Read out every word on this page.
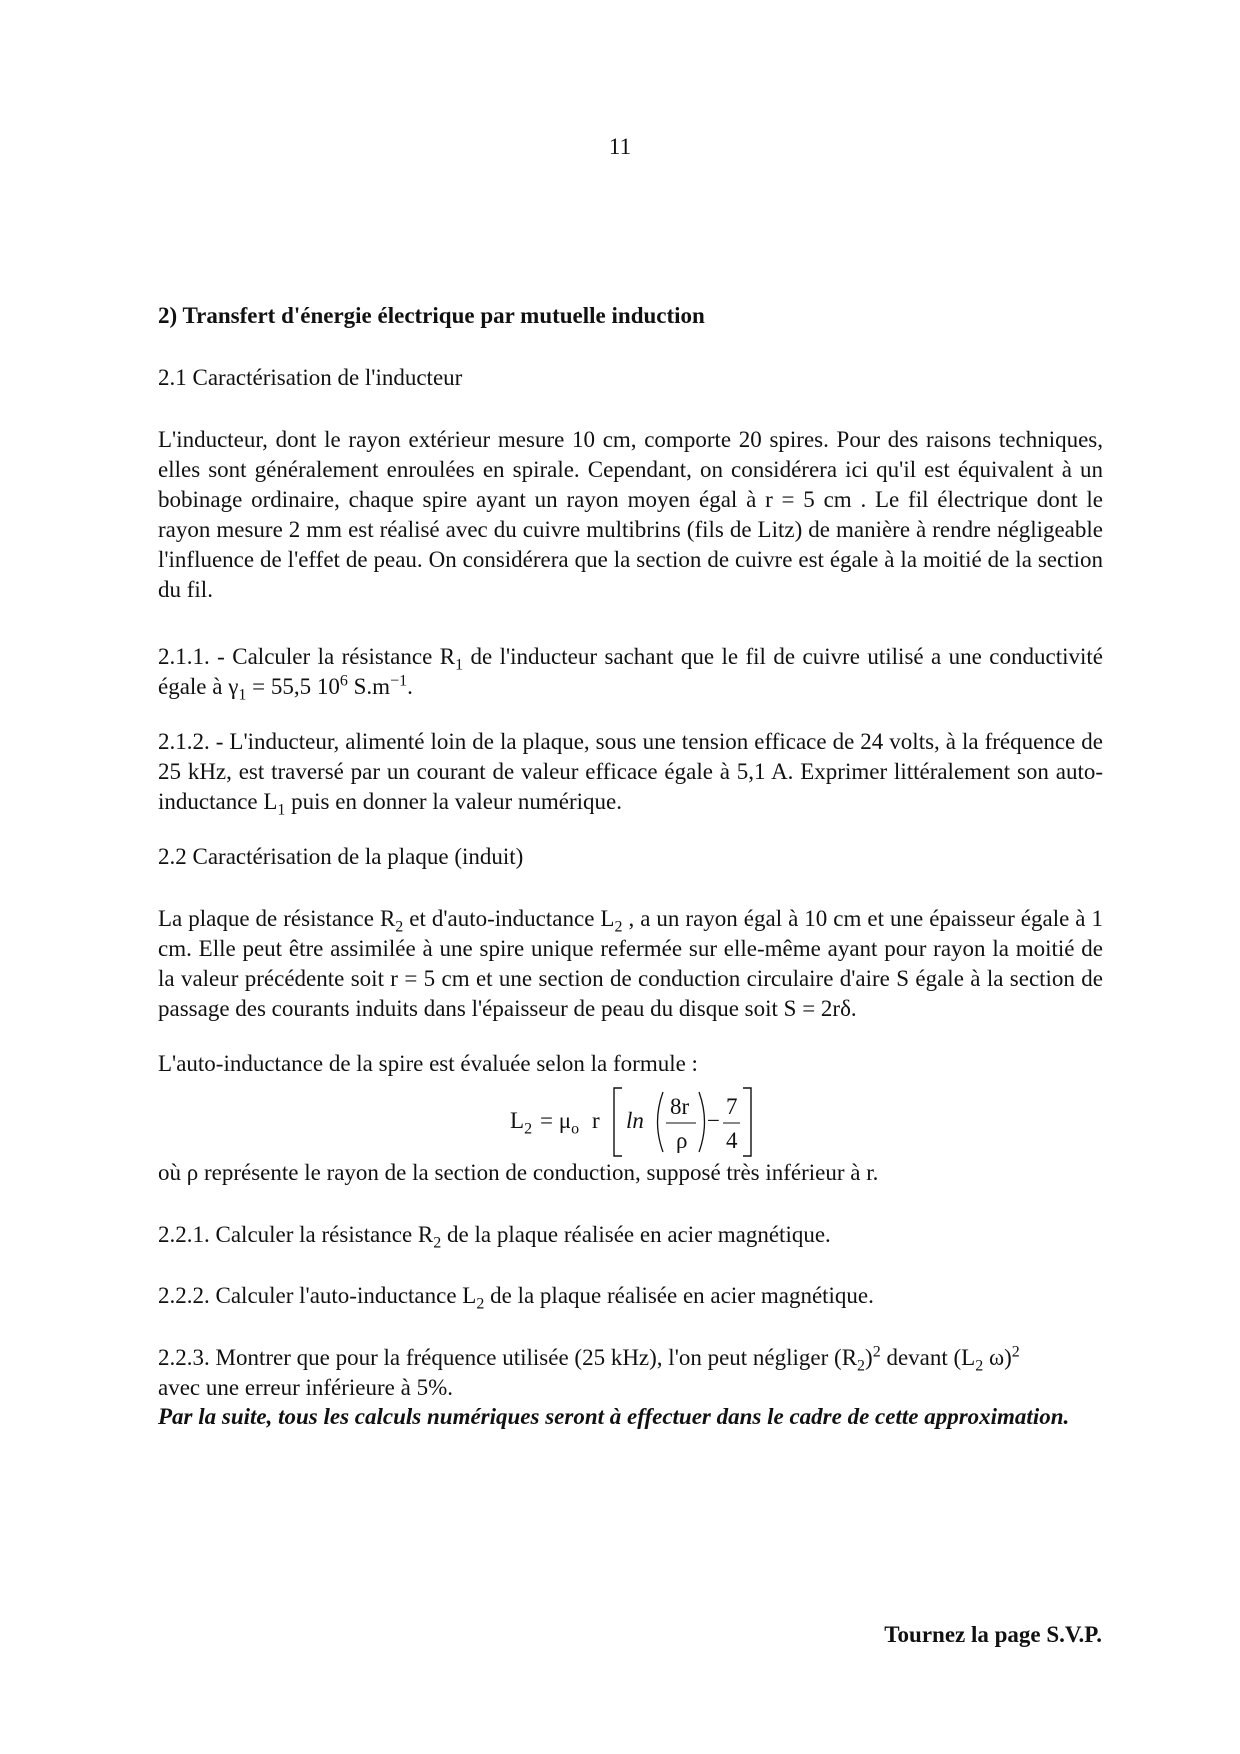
11

2) Transfert d'énergie électrique par mutuelle induction

2.1 Caractérisation de l'inducteur

L'inducteur, dont le rayon extérieur mesure 10 cm, comporte 20 spires. Pour des raisons techniques, elles sont généralement enroulées en spirale. Cependant, on considérera ici qu'il est équivalent à un bobinage ordinaire, chaque spire ayant un rayon moyen égal à r = 5 cm . Le fil électrique dont le rayon mesure 2 mm est réalisé avec du cuivre multibrins (fils de Litz) de manière à rendre négligeable l'influence de l'effet de peau. On considérera que la section de cuivre est égale à la moitié de la section du fil.

2.1.1. - Calculer la résistance $R_1$ de l'inducteur sachant que le fil de cuivre utilisé a une conductivité égale à $\gamma_1 = 55,5$ $10^6$ $S.m^{-1}$.

2.1.2. - L'inducteur, alimenté loin de la plaque, sous une tension efficace de 24 volts, à la fréquence de 25 kHz, est traversé par un courant de valeur efficace égale à 5,1 A. Exprimer littéralement son auto-inductance $L_1$ puis en donner la valeur numérique.

2.2 Caractérisation de la plaque (induit)

La plaque de résistance $R_2$ et d'auto-inductance $L_2$ , a un rayon égal à 10 cm et une épaisseur égale à 1 cm. Elle peut être assimilée à une spire unique refermée sur elle-même ayant pour rayon la moitié de la valeur précédente soit r = 5 cm et une section de conduction circulaire d'aire S égale à la section de passage des courants induits dans l'épaisseur de peau du disque soit S = 2rδ.

L'auto-inductance de la spire est évaluée selon la formule :

$L_2 = \mu_o$ r ln
8r
ρ
−
7
4

où ρ représente le rayon de la section de conduction, supposé très inférieur à r.

2.2.1. Calculer la résistance $R_2$ de la plaque réalisée en acier magnétique.

2.2.2. Calculer l'auto-inductance $L_2$ de la plaque réalisée en acier magnétique.

2.2.3. Montrer que pour la fréquence utilisée (25 kHz), l'on peut négliger $(R_2)^2$ devant ($L_2$ ω)$^2$
avec une erreur inférieure à 5%.

Par la suite, tous les calculs numériques seront à effectuer dans le cadre de cette approximation.

Tournez la page S.V.P.
